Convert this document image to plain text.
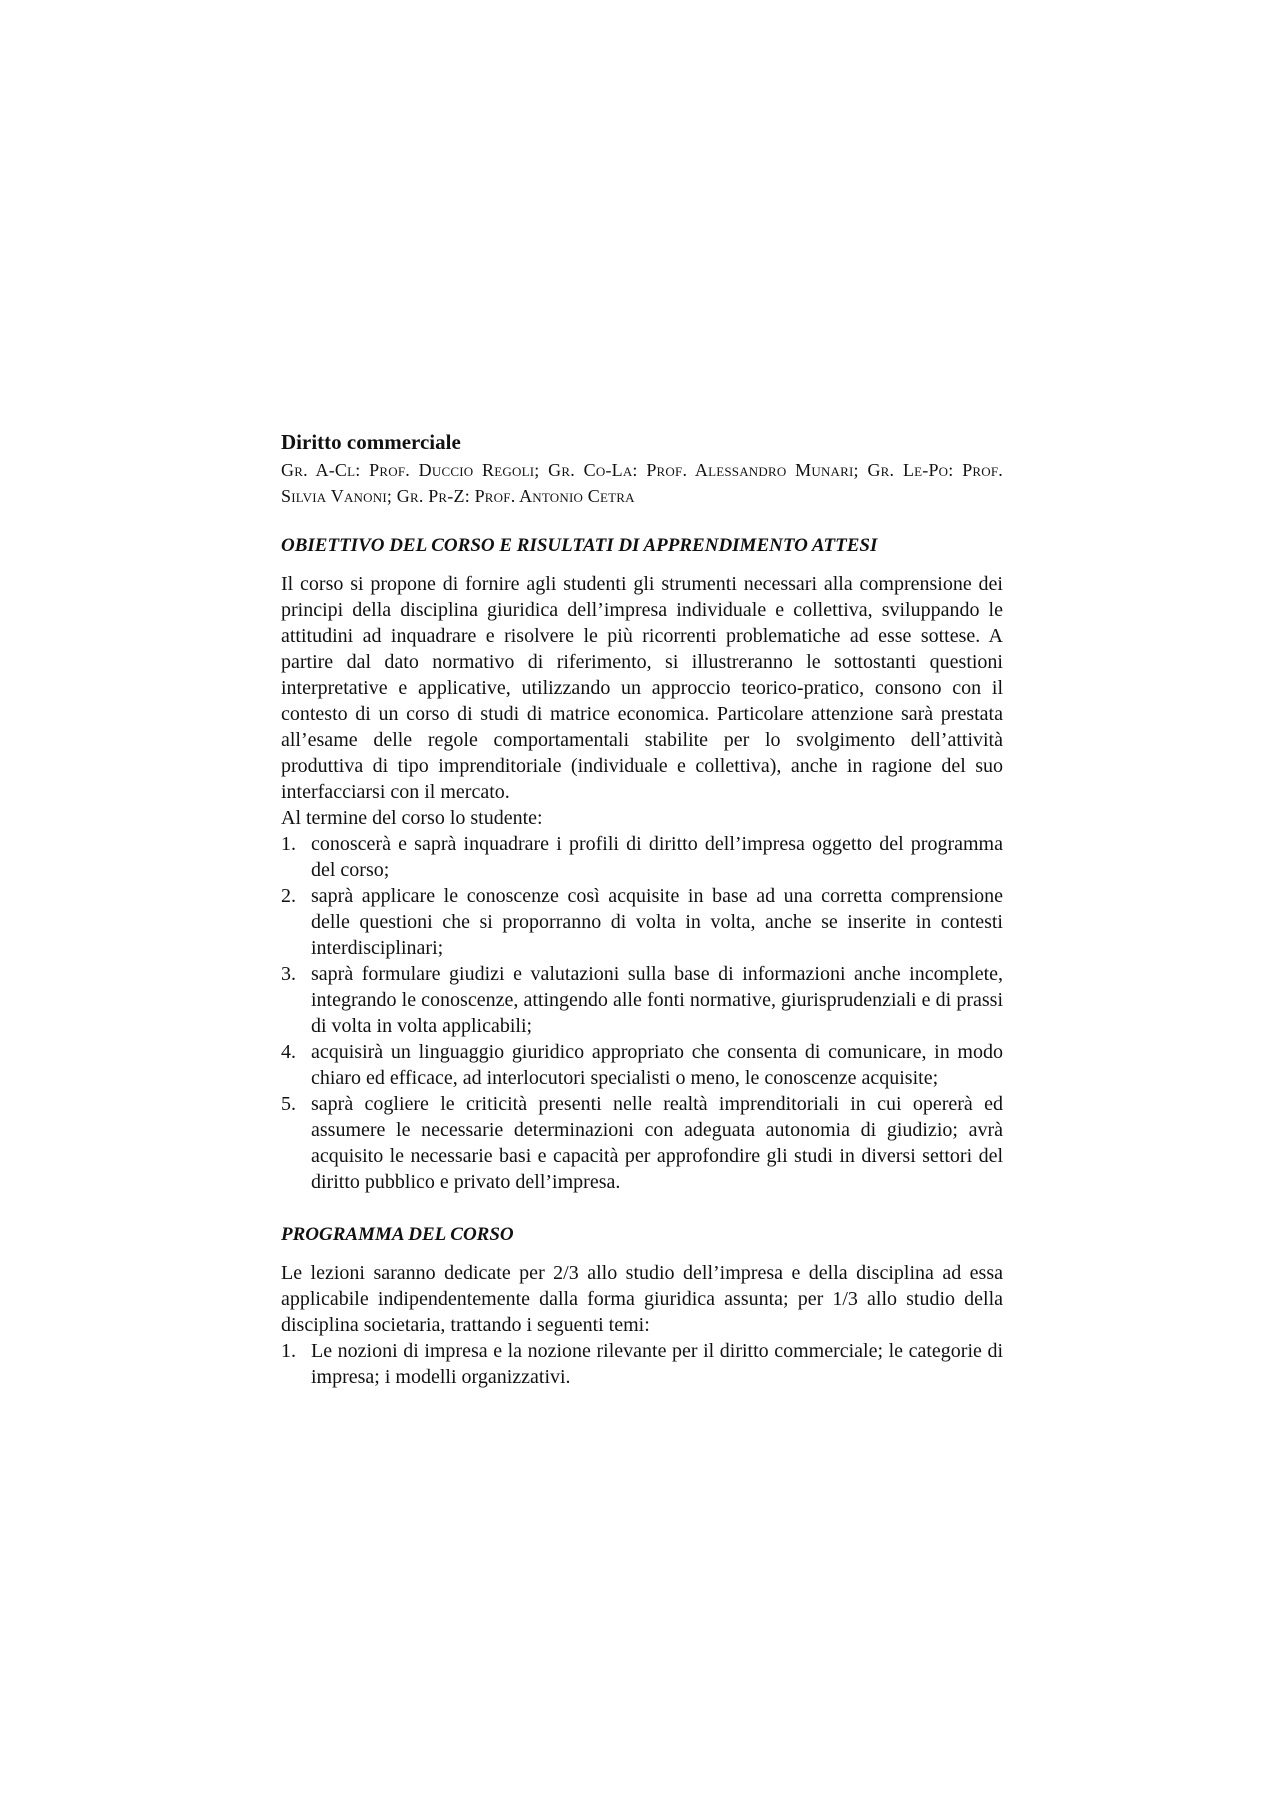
Diritto commerciale

Gr. A-Cl: Prof. Duccio Regoli; Gr. Co-La: Prof. Alessandro Munari; Gr. Le-Po: Prof. Silvia Vanoni; Gr. Pr-Z: Prof. Antonio Cetra

OBIETTIVO DEL CORSO E RISULTATI DI APPRENDIMENTO ATTESI

Il corso si propone di fornire agli studenti gli strumenti necessari alla comprensione dei principi della disciplina giuridica dell’impresa individuale e collettiva, sviluppando le attitudini ad inquadrare e risolvere le più ricorrenti problematiche ad esse sottese. A partire dal dato normativo di riferimento, si illustreranno le sottostanti questioni interpretative e applicative, utilizzando un approccio teorico-pratico, consono con il contesto di un corso di studi di matrice economica. Particolare attenzione sarà prestata all’esame delle regole comportamentali stabilite per lo svolgimento dell’attività produttiva di tipo imprenditoriale (individuale e collettiva), anche in ragione del suo interfacciarsi con il mercato.

Al termine del corso lo studente:

1. conoscerà e saprà inquadrare i profili di diritto dell’impresa oggetto del programma del corso;
2. saprà applicare le conoscenze così acquisite in base ad una corretta comprensione delle questioni che si proporranno di volta in volta, anche se inserite in contesti interdisciplinari;
3. saprà formulare giudizi e valutazioni sulla base di informazioni anche incomplete, integrando le conoscenze, attingendo alle fonti normative, giurisprudenziali e di prassi di volta in volta applicabili;
4. acquisirà un linguaggio giuridico appropriato che consenta di comunicare, in modo chiaro ed efficace, ad interlocutori specialisti o meno, le conoscenze acquisite;
5. saprà cogliere le criticità presenti nelle realtà imprenditoriali in cui opererà ed assumere le necessarie determinazioni con adeguata autonomia di giudizio; avrà acquisito le necessarie basi e capacità per approfondire gli studi in diversi settori del diritto pubblico e privato dell’impresa.
PROGRAMMA DEL CORSO

Le lezioni saranno dedicate per 2/3 allo studio dell’impresa e della disciplina ad essa applicabile indipendentemente dalla forma giuridica assunta; per 1/3 allo studio della disciplina societaria, trattando i seguenti temi:

1. Le nozioni di impresa e la nozione rilevante per il diritto commerciale; le categorie di impresa; i modelli organizzativi.
